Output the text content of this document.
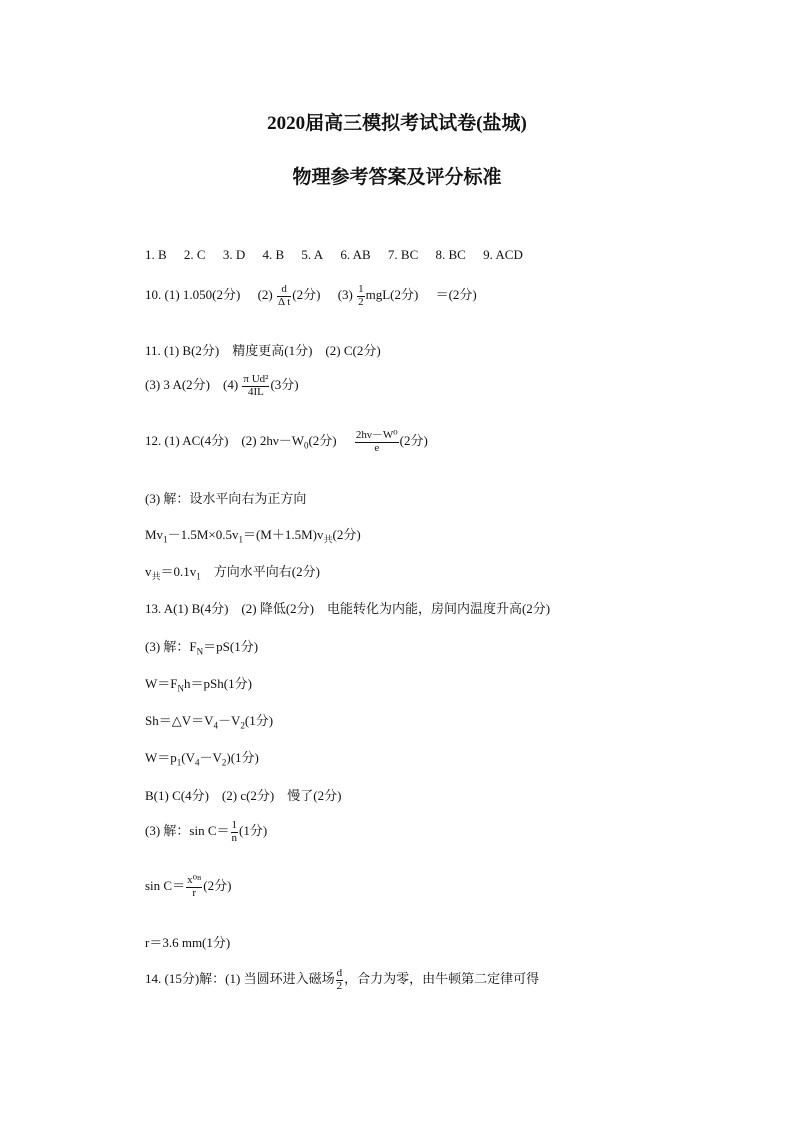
2020届高三模拟考试试卷(盐城)
物理参考答案及评分标准
1. B 2. C 3. D 4. B 5. A 6. AB 7. BC 8. BC 9. ACD
10. (1) 1.050(2分) $(2) \frac{d}{\text{Δ t}} (2$分) $(3) \frac{1}{2} mgL(2$分) ＝(2分)
11. (1) B(2分)　精度更高(1分)　(2) C(2分)
(3) 3 A(2分)　$(4) \frac{\text{π Ud²}}{4IL} (3$分)
12. (1) AC(4分)　(2) $2h\nu-W_0(2$分) $\frac{\text{2hν－W⁰}}{e} (2$分)
(3) 解：设水平向右为正方向
$Mv_1-1.5M\times 0.5v_1=(M+1.5M)v_共(2$分)
$v_共=0.1v_1$　方向水平向右(2分)
13. A(1) B(4分)　(2) 降低(2分)　电能转化为内能，房间内温度升高(2分)
(3) 解：$F_N=pS(1$分)
$W=F_Nh=pSh(1$分)
$Sh=\triangle V=V_4-V_2(1$分)
$W=p_1(V_4-V_2)(1$分)
B(1) C(4分)　(2) c(2分)　慢了(2分)
(3) 解：$\sin C= \frac{1}{n} (1$分)
$\sin C= \frac{\text{x⁰ᴮ}}{r} (2$分)
r＝3.6 mm(1分)
14. (15分)解：(1) 当圆环进入磁场 $\frac{d}{2}$ ，合力为零，由牛顿第二定律可得
